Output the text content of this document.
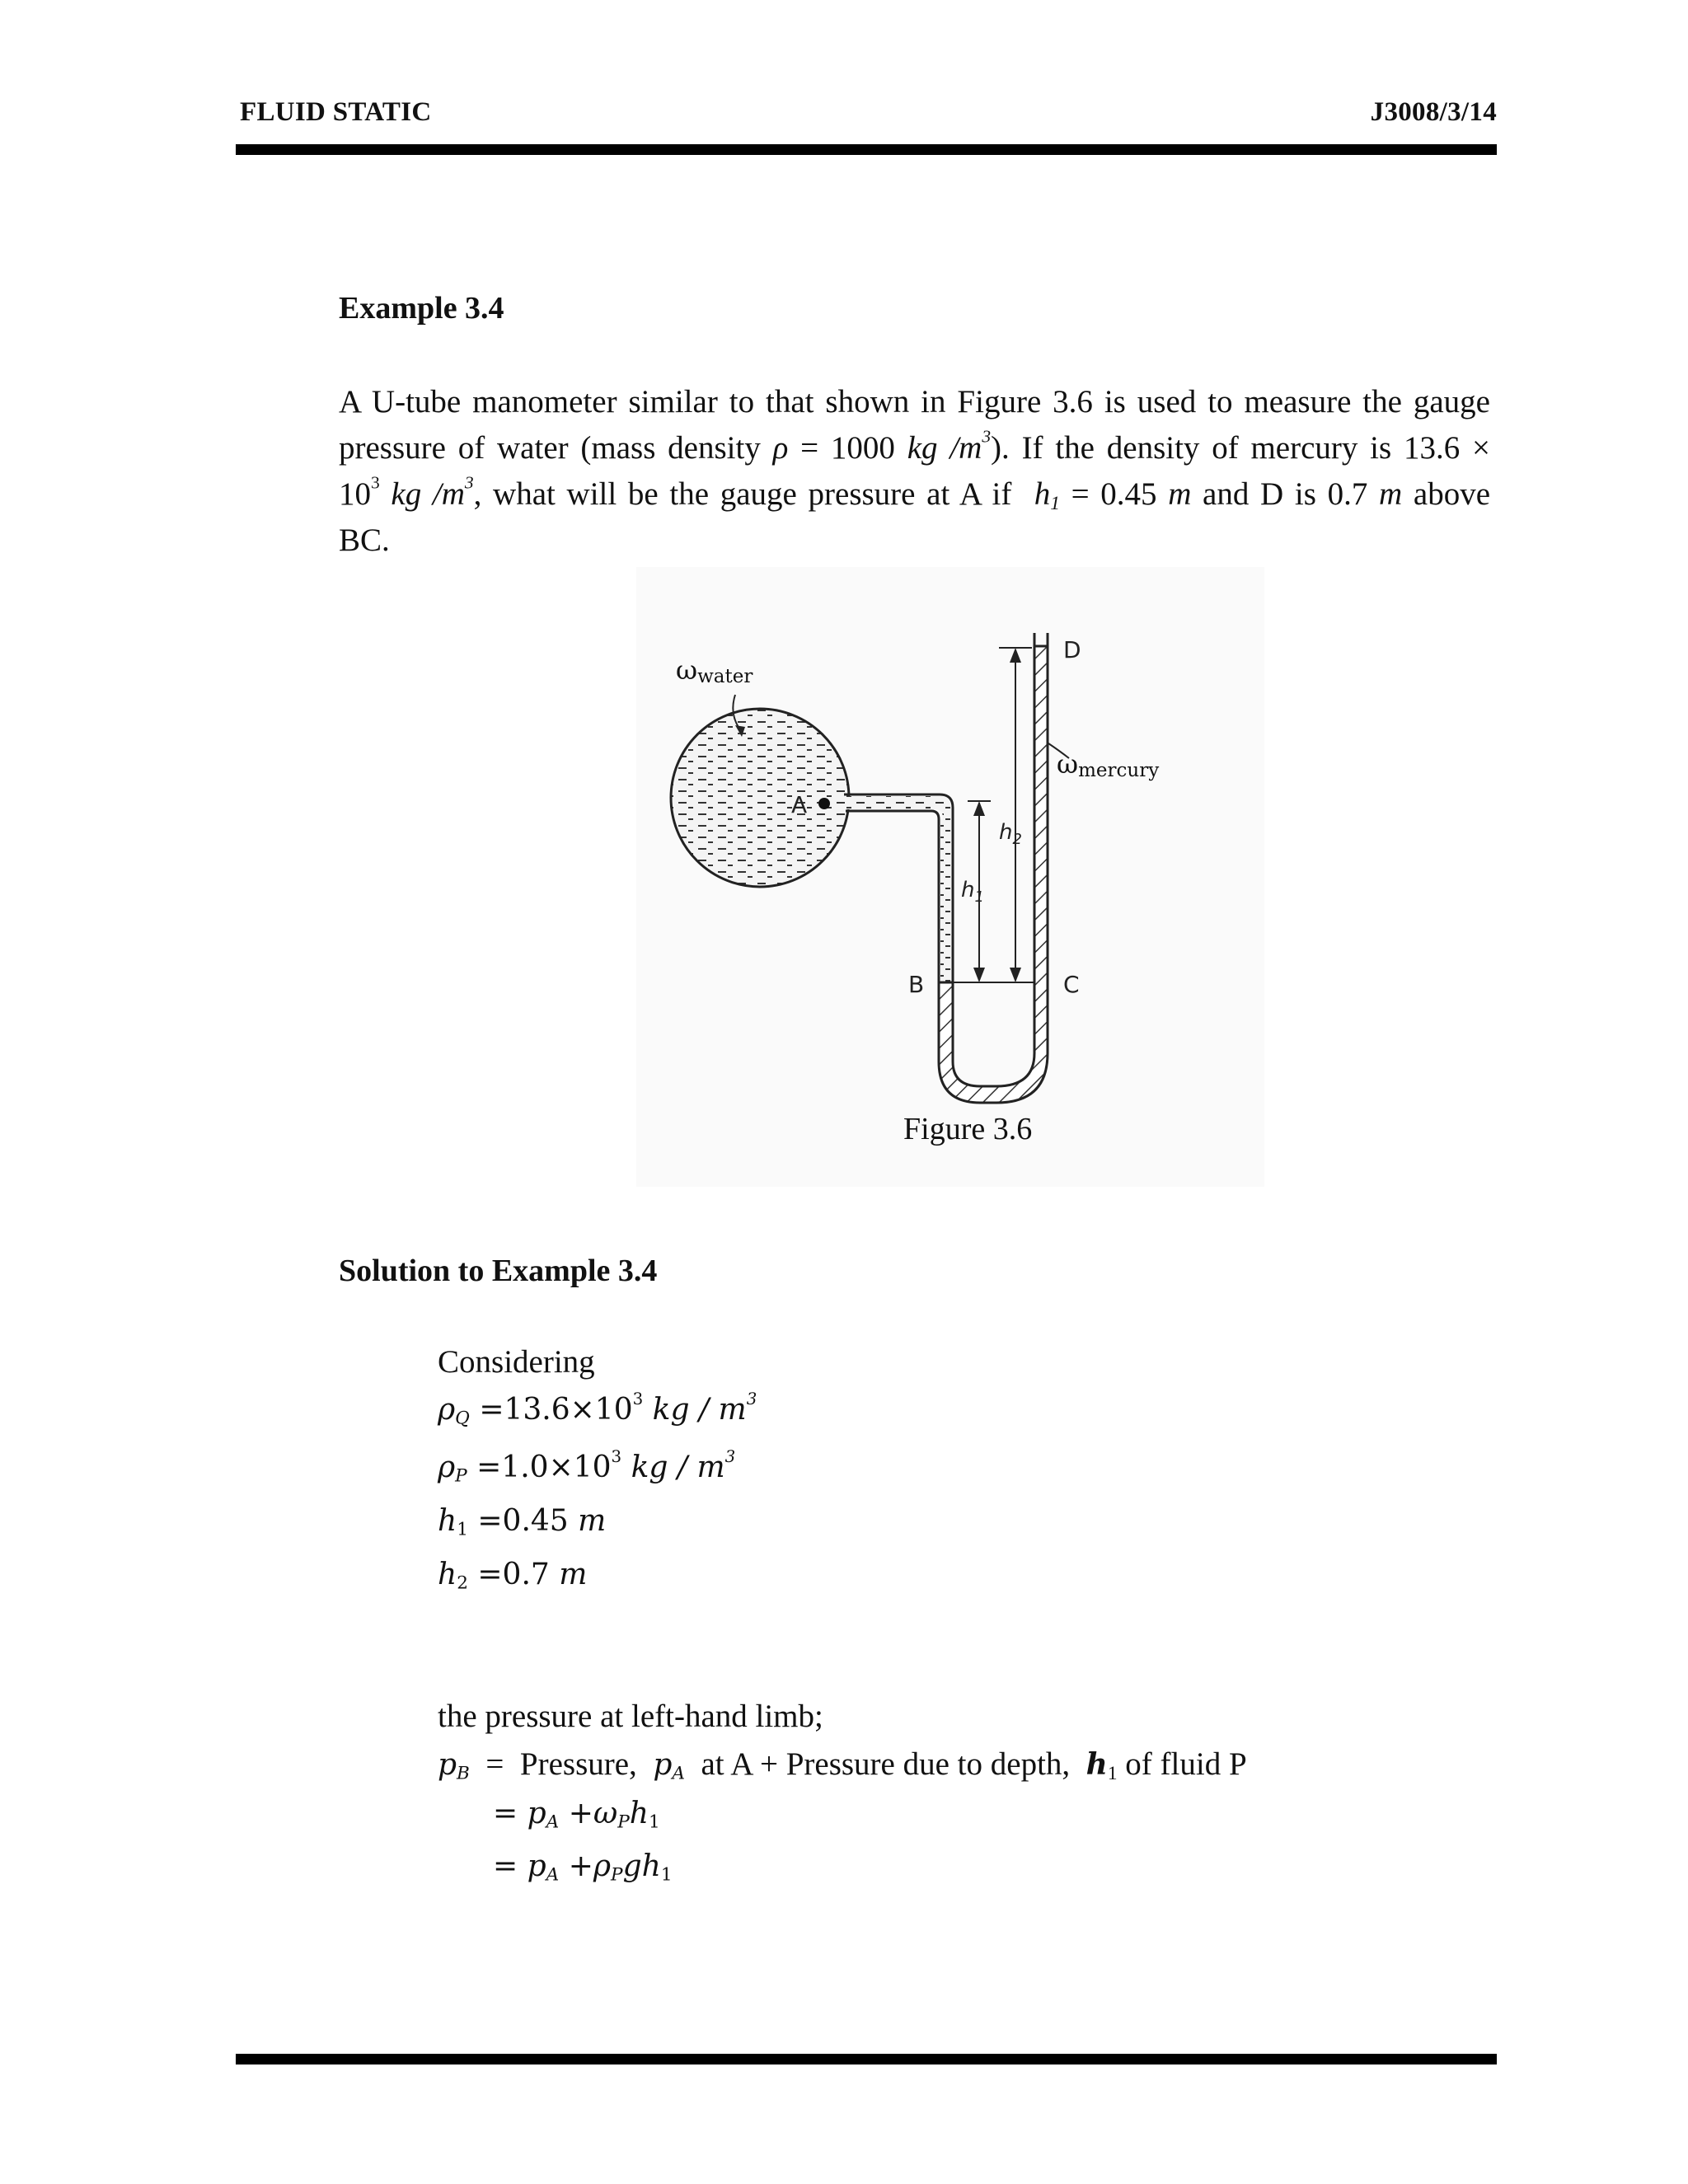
FLUID STATIC	J3008/3/14
Example 3.4
A U-tube manometer similar to that shown in Figure 3.6 is used to measure the gauge
pressure of water (mass density ρ = 1000 kg $/m^3$). If the density of mercury is 13.6 ×
$10^3$ kg $/m^3$, what will be the gauge pressure at A if  $h_1 = 0.45$ m and D is 0.7 m above
BC.
ωwater
ωmercury
A
B	C
D
$h_2$
$h_1$
Figure 3.6
Solution to Example 3.4
Considering
$\rho_Q =13.6\times 10^3$ kg / $m^3$
$\rho_P =1.0\times 10^3$ kg / $m^3$
$h_1 =0.45$ m
$h_2 =0.7$ m
the pressure at left-hand limb;
$p_B$  =  Pressure,  $p_A$  at A + Pressure due to depth,  $h_1$ of fluid P
= $p_A +\omega_Ph_1$
= $p_A +\rho_Pgh_1$
